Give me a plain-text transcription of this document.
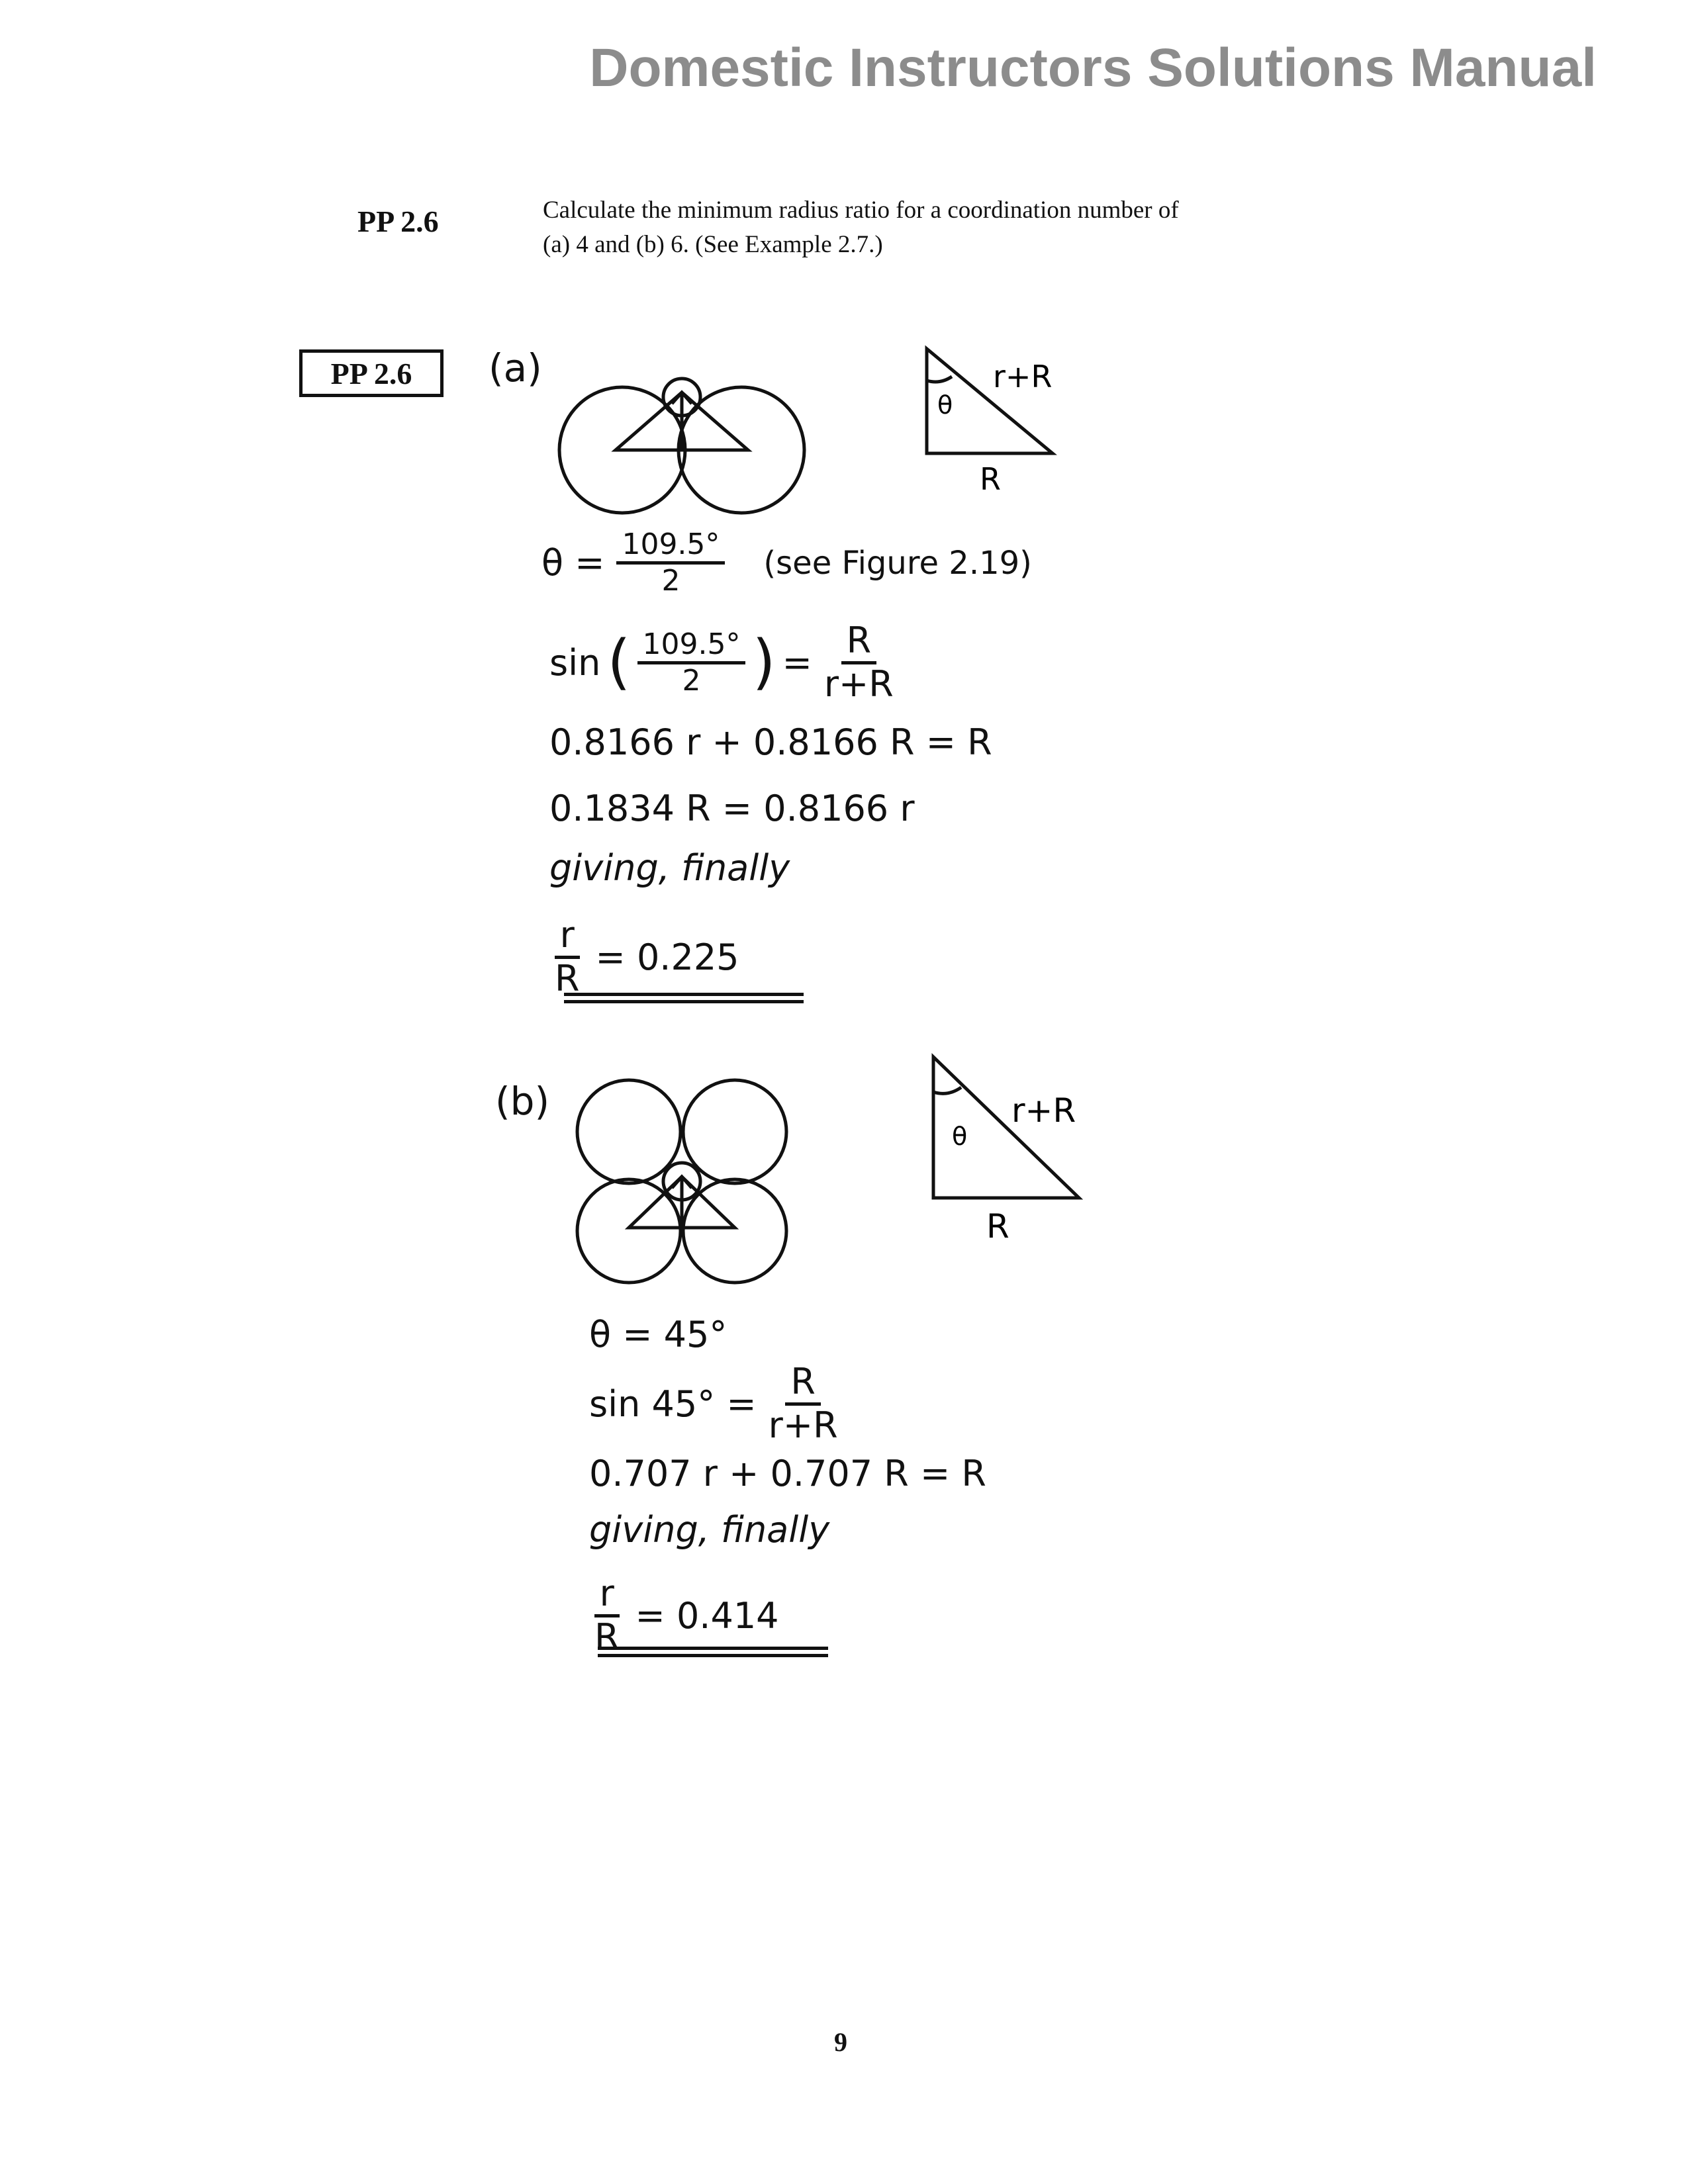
Domestic Instructors Solutions Manual
PP 2.6	Calculate the minimum radius ratio for a coordination number of
(a) 4 and (b) 6. (See Example 2.7.)
PP 2.6 (a)
θ
r+R
R
$\theta = \frac{109.5^\circ}{2} (see$ Figure 2.19)
sin ( $\frac{109.5^\circ}{2}$ ) = $\frac{R}{r+R}$
0.8166 r + 0.8166 R = R
0.1834 R = 0.8166 r
giving, finally
$\frac{r}{R} = 0.225$
(b)
θ
r+R
R
θ = 45°
$\sin 45^\circ = \frac{R}{r+R}$
0.707 r + 0.707 R = R
giving, finally
$\frac{r}{R} = 0.414$
9
